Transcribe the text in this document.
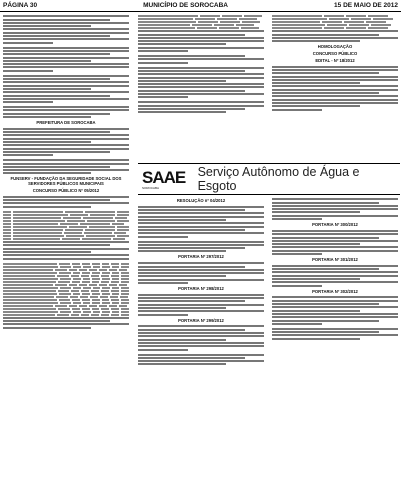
PÁGINA 30	MUNICÍPIO DE SOROCABA	15 DE MAIO DE 2012
PREFEITURA DE SOROCABA
FUNSERV - FUNDAÇÃO DA SEGURIDADE SOCIAL DOS SERVIDORES PÚBLICOS MUNICIPAIS
CONCURSO PÚBLICO Nº 05/2012
HOMOLOGAÇÃO
CONCURSO PÚBLICO
EDITAL - Nº 18/2012
SAAE
SOROCABA
Serviço Autônomo de Água e Esgoto
RESOLUÇÃO nº 04/2012
PORTARIA Nº 297/2012
PORTARIA Nº 298/2012
PORTARIA Nº 299/2012
PORTARIA Nº 300/2012
PORTARIA Nº 301/2012
PORTARIA Nº 302/2012
